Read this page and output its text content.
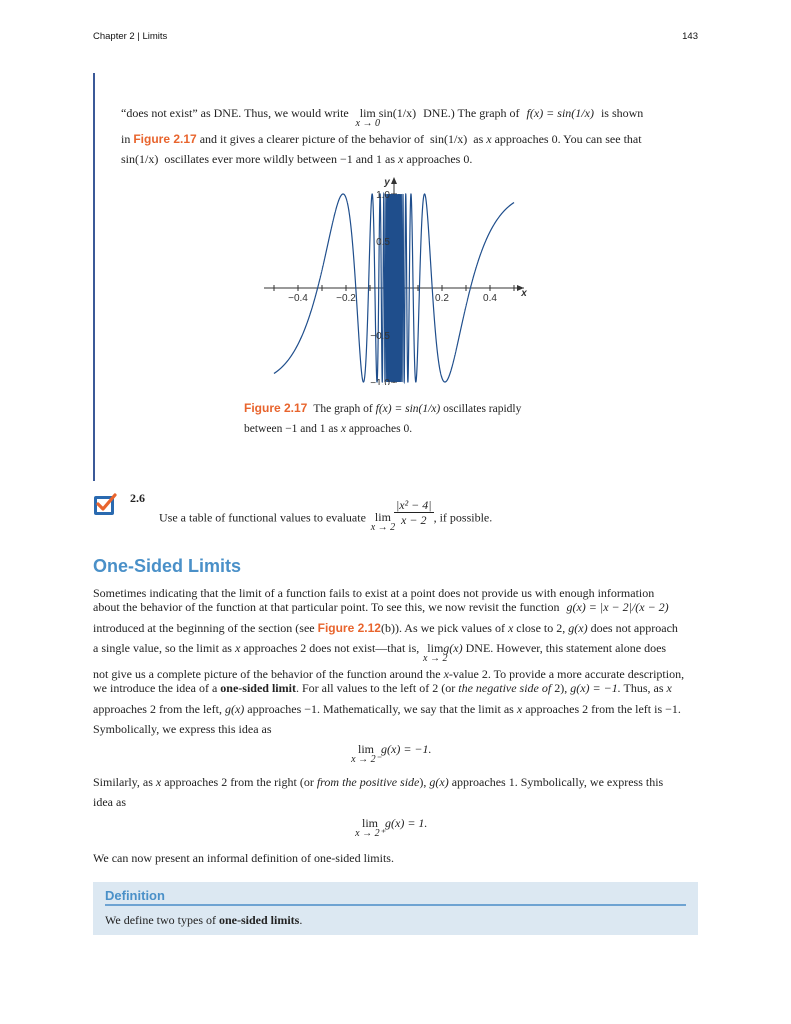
Chapter 2 | Limits	143
“does not exist” as DNE. Thus, we would write lim
x → 0
sin(1/x) DNE.) The graph of f(x) = sin(1/x) is shown
in Figure 2.17 and it gives a clearer picture of the behavior of sin(1/x) as x approaches 0. You can see that
sin(1/x) oscillates ever more wildly between −1 and 1 as x approaches 0.
−0.4	−0.2	0.2	0.4
1.0
0.5
−0.5
−1.0
x
y
Figure 2.17 The graph of f(x) = sin(1/x) oscillates rapidly
between −1 and 1 as x approaches 0.
2.6
Use a table of functional values to evaluate lim
x → 2

$\frac{\text{|x² − 4|}}{x - 2}$ , if possible.
One-Sided Limits
Sometimes indicating that the limit of a function fails to exist at a point does not provide us with enough information
about the behavior of the function at that particular point. To see this, we now revisit the function g(x) = |x − 2|/(x − 2)
introduced at the beginning of the section (see Figure 2.12(b)). As we pick values of x close to 2, g(x) does not approach
a single value, so the limit as x approaches 2 does not exist—that is, lim
x → 2
g(x) DNE. However, this statement alone does
not give us a complete picture of the behavior of the function around the x-value 2. To provide a more accurate description,
we introduce the idea of a one-sided limit. For all values to the left of 2 (or the negative side of 2), g(x) = −1. Thus, as x
approaches 2 from the left, g(x) approaches −1. Mathematically, we say that the limit as x approaches 2 from the left is −1.
Symbolically, we express this idea as
lim
x → 2⁻
g(x) = −1.
Similarly, as x approaches 2 from the right (or from the positive side), g(x) approaches 1. Symbolically, we express this
idea as
lim
x → 2⁺
g(x) = 1.
We can now present an informal definition of one-sided limits.
Definition
We define two types of one-sided limits.
